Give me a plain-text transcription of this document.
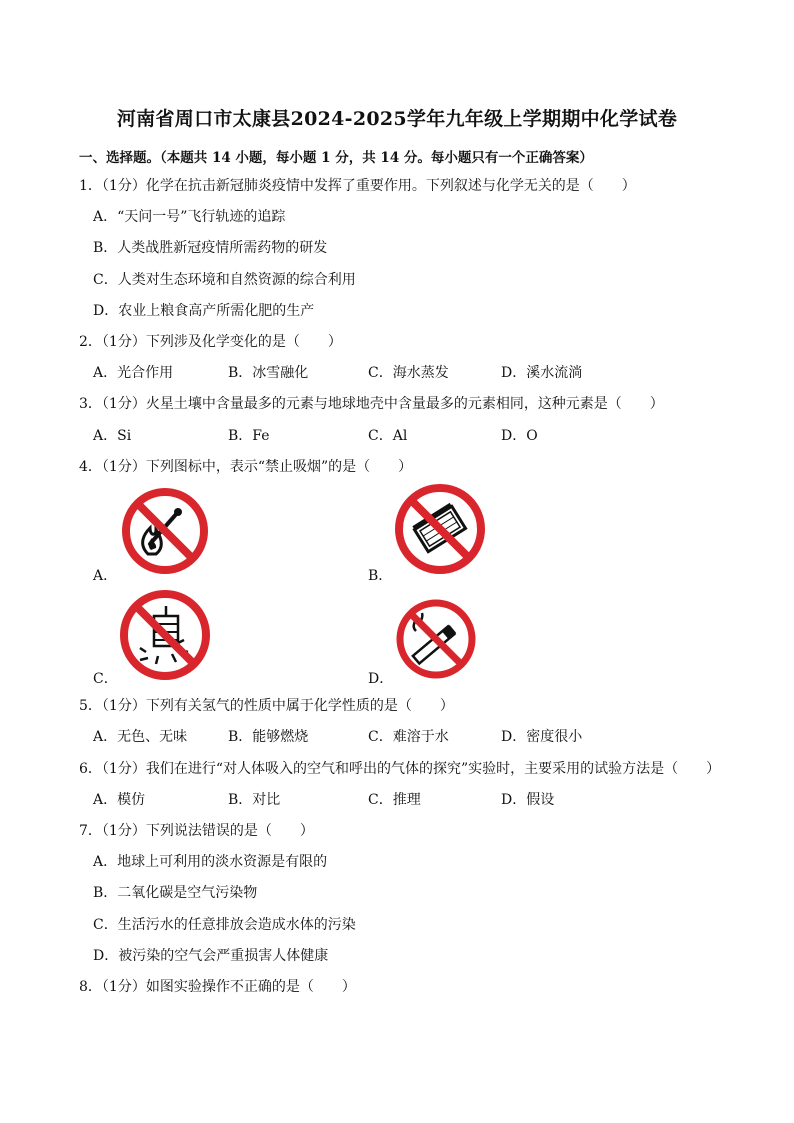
河南省周口市太康县2024-2025学年九年级上学期期中化学试卷
一、选择题。（本题共 14 小题，每小题 1 分，共 14 分。每小题只有一个正确答案）
1．（1分）化学在抗击新冠肺炎疫情中发挥了重要作用。下列叙述与化学无关的是（　　）
A．“天问一号”飞行轨迹的追踪
B．人类战胜新冠疫情所需药物的研发
C．人类对生态环境和自然资源的综合利用
D．农业上粮食高产所需化肥的生产
2．（1分）下列涉及化学变化的是（　　）
A．光合作用	B．冰雪融化	C．海水蒸发	D．溪水流淌
3．（1分）火星土壤中含量最多的元素与地球地壳中含量最多的元素相同，这种元素是（　　）
A．Si	B．Fe	C．Al	D．O
4．（1分）下列图标中，表示“禁止吸烟”的是（　　）
A．	B．
C．	D．
5．（1分）下列有关氢气的性质中属于化学性质的是（　　）
A．无色、无味	B．能够燃烧	C．难溶于水	D．密度很小
6．（1分）我们在进行“对人体吸入的空气和呼出的气体的探究”实验时，主要采用的试验方法是（　　）
A．模仿	B．对比	C．推理	D．假设
7．（1分）下列说法错误的是（　　）
A．地球上可利用的淡水资源是有限的
B．二氧化碳是空气污染物
C．生活污水的任意排放会造成水体的污染
D．被污染的空气会严重损害人体健康
8．（1分）如图实验操作不正确的是（　　）
